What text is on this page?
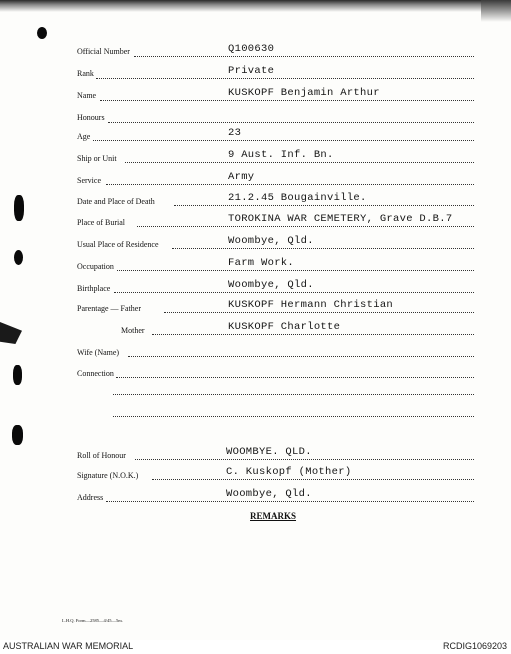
Official Number	Q100630
Rank	Private
Name	KUSKOPF Benjamin Arthur
Honours
Age	23
Ship or Unit	9 Aust. Inf. Bn.
Service	Army
Date and Place of Death	21.2.45 Bougainville.
Place of Burial	TOROKINA WAR CEMETERY, Grave D.B.7
Usual Place of Residence	Woombye, Qld.
Occupation	Farm Work.
Birthplace	Woombye, Qld.
Parentage — Father	KUSKOPF Hermann Christian
Mother	KUSKOPF Charlotte
Wife (Name)
Connection
Roll of Honour	WOOMBYE. QLD.
Signature (N.O.K.)	C. Kuskopf (Mother)
Address	Woombye, Qld.
REMARKS
L.H.Q. Form—2585—4/45—5m.
AUSTRALIAN WAR MEMORIAL	RCDIG1069203
